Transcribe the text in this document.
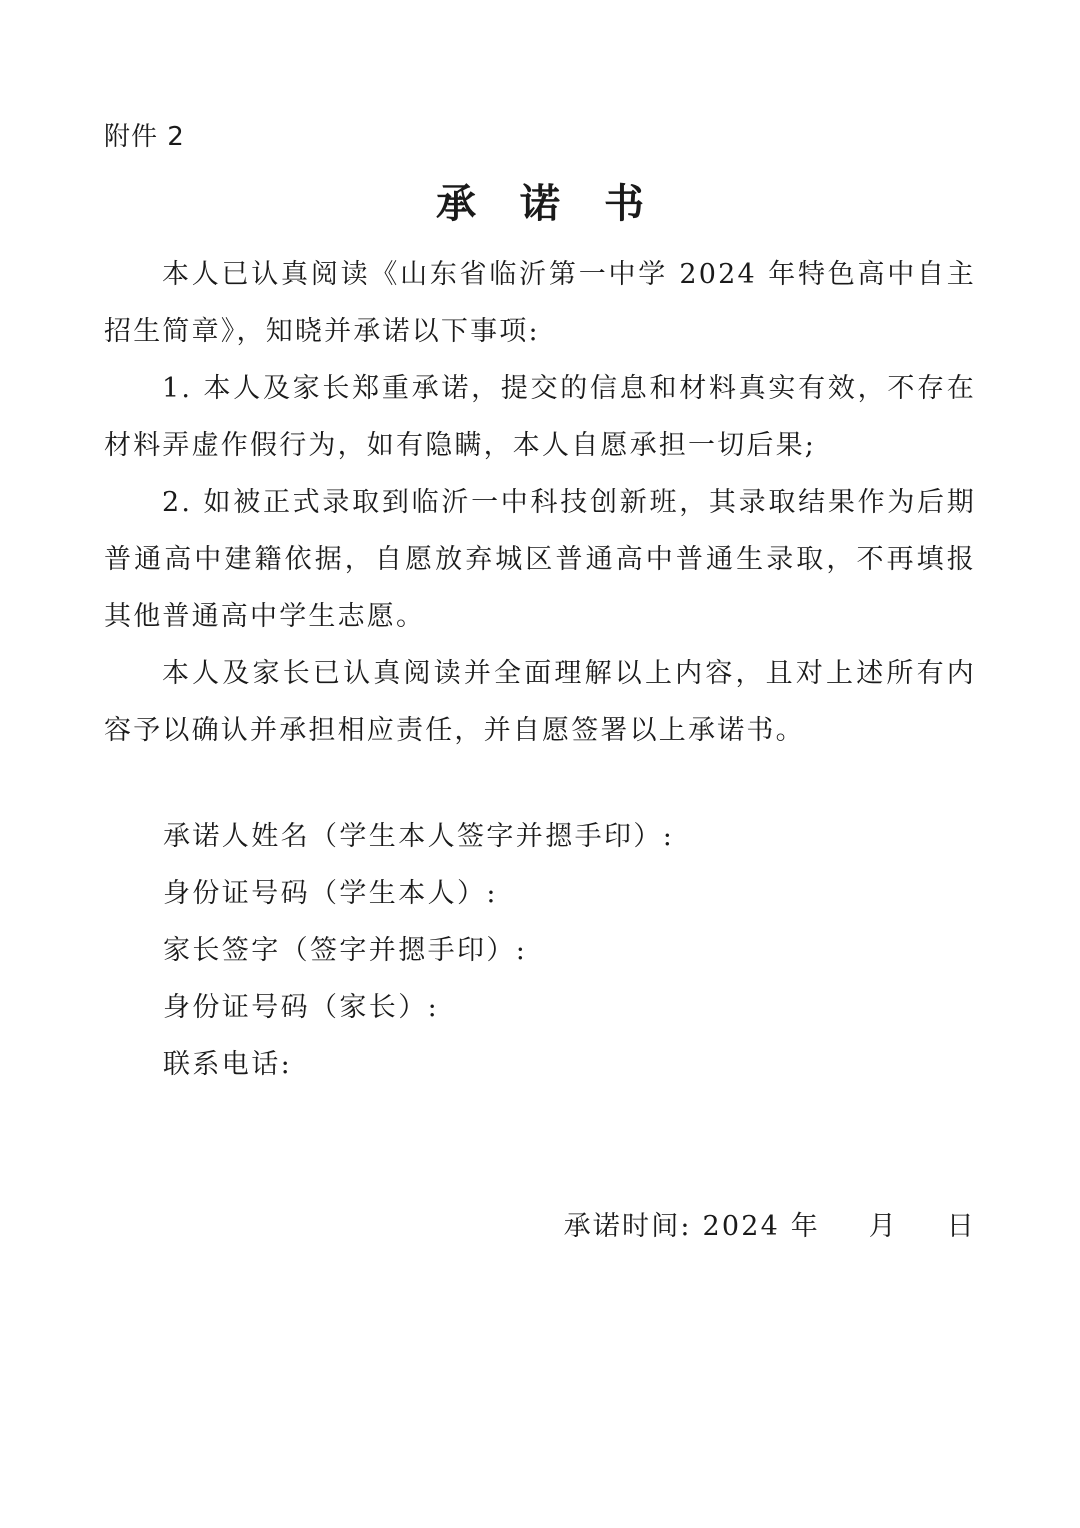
附件 2
承诺书

本人已认真阅读《山东省临沂第一中学 2024 年特色高中自主招生简章》，知晓并承诺以下事项:

1. 本人及家长郑重承诺，提交的信息和材料真实有效，不存在材料弄虚作假行为，如有隐瞒，本人自愿承担一切后果;

2. 如被正式录取到临沂一中科技创新班，其录取结果作为后期普通高中建籍依据，自愿放弃城区普通高中普通生录取，不再填报其他普通高中学生志愿。

本人及家长已认真阅读并全面理解以上内容，且对上述所有内容予以确认并承担相应责任，并自愿签署以上承诺书。

承诺人姓名（学生本人签字并摁手印）:

身份证号码（学生本人）:

家长签字（签字并摁手印）:

身份证号码（家长）:

联系电话:

承诺时间: 2024 年 月 日
